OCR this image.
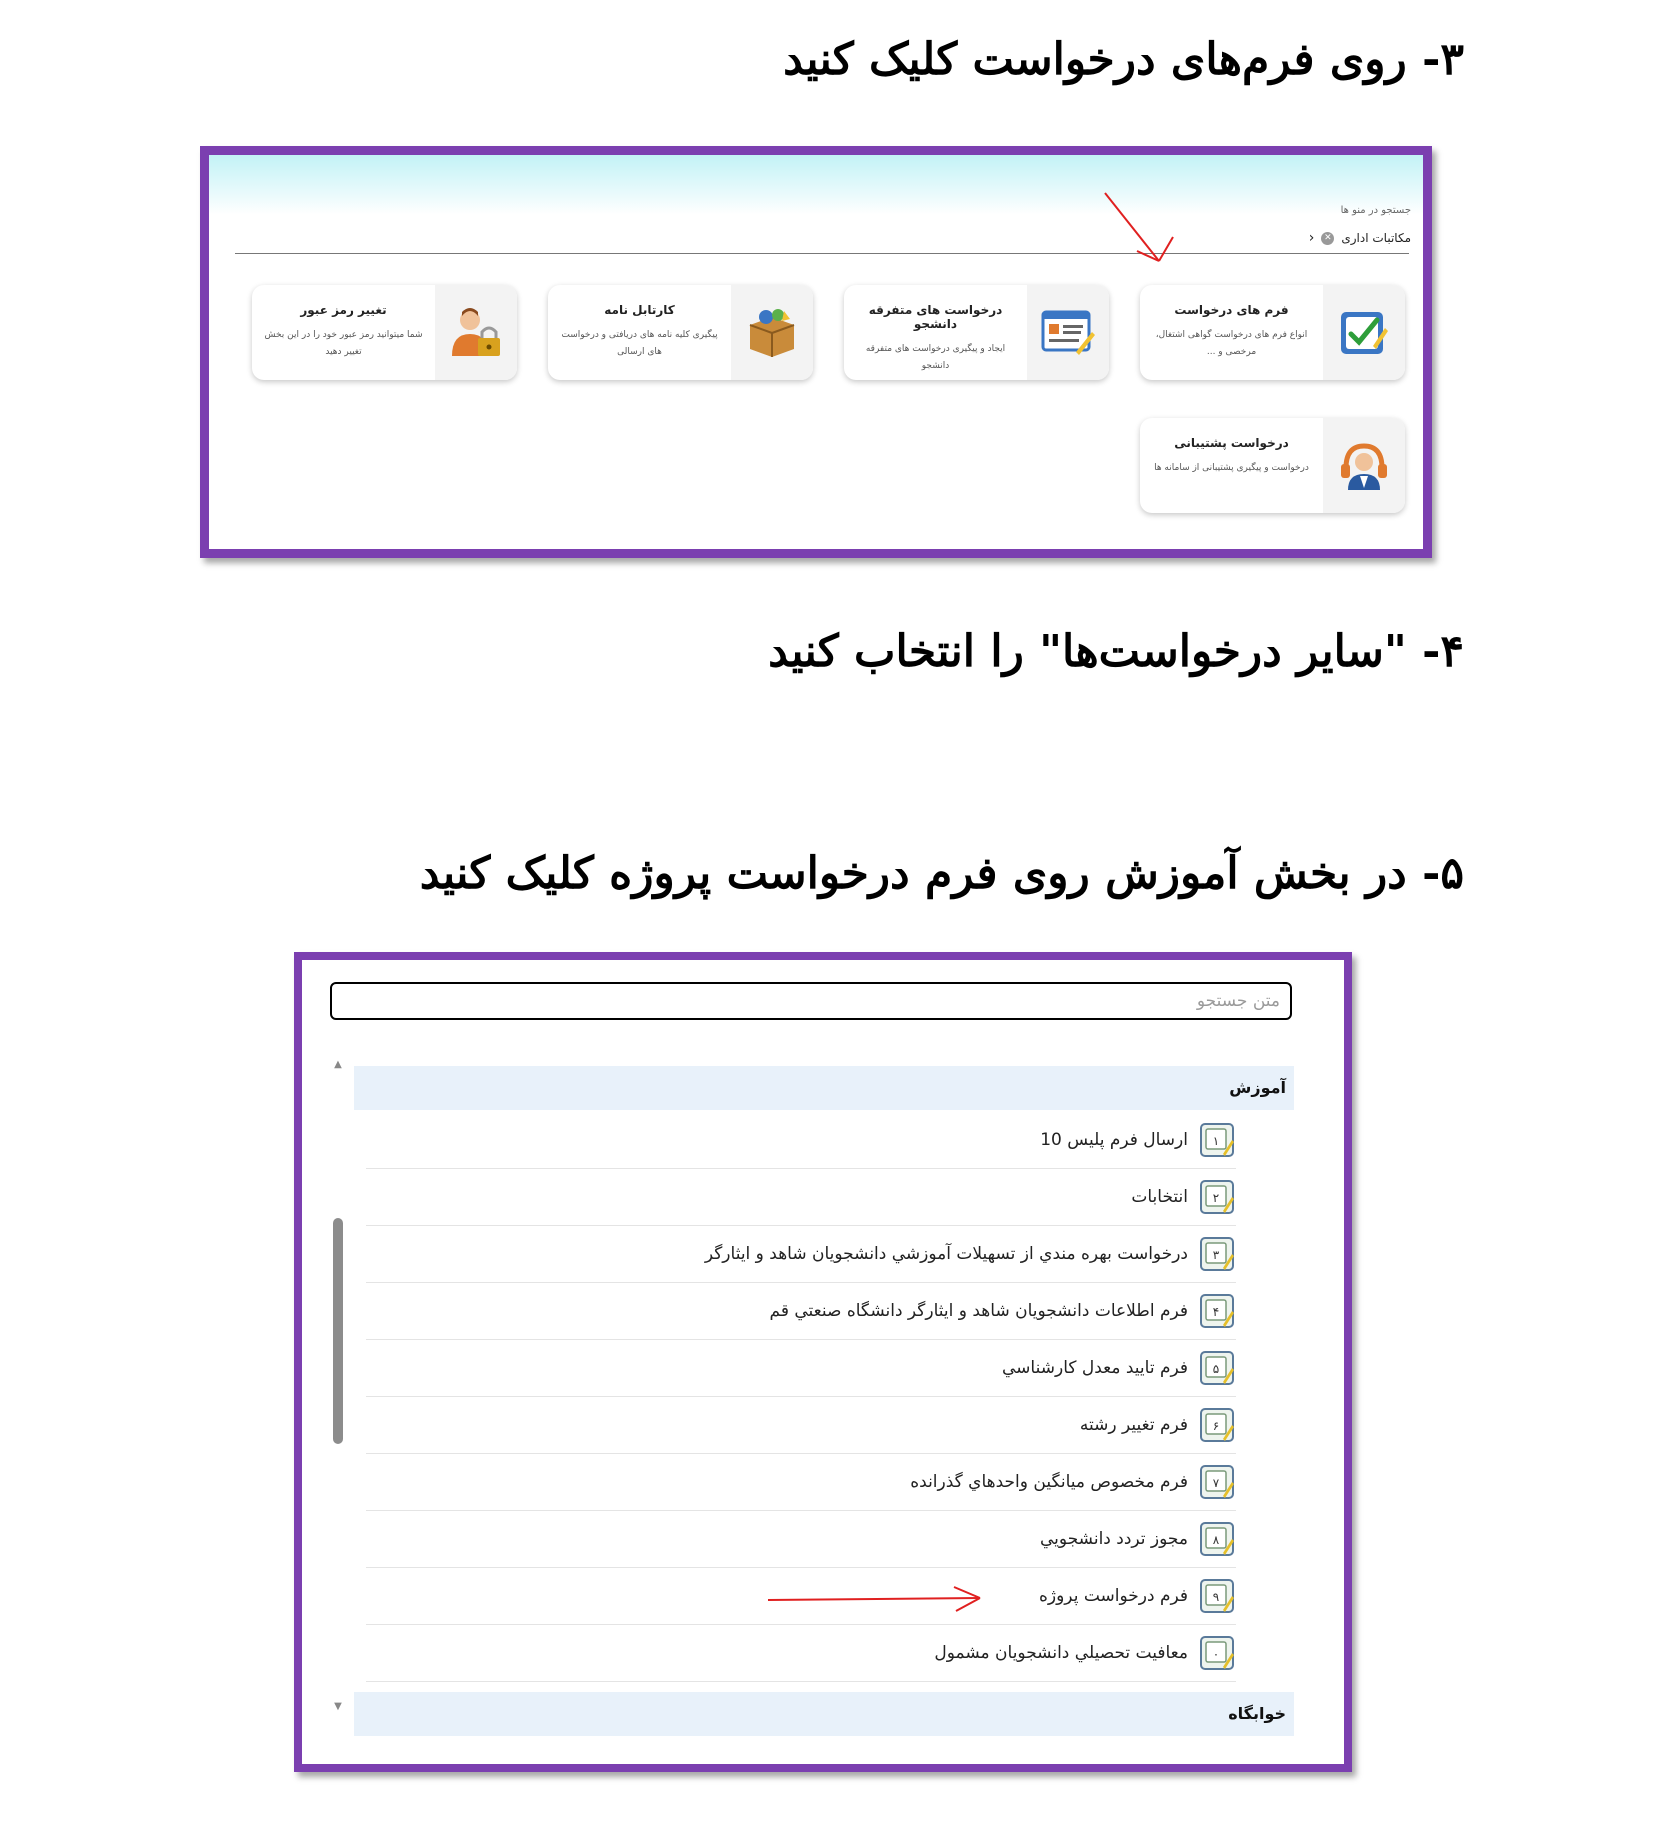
۳- روی فرم‌های درخواست کلیک کنید
۴- "سایر درخواست‌ها" را انتخاب کنید
۵- در بخش آموزش روی فرم درخواست پروژه کلیک کنید
جستجو در منو ها
مکاتبات اداری
✕
‹
فرم های درخواست
انواع فرم های درخواست گواهی اشتغال،
مرخصی و ...
درخواست های متفرقه دانشجو
ایجاد و پیگیری درخواست های متفرقه دانشجو

کارتابل نامه
پیگیری کلیه نامه های دریافتی و درخواست
های ارسالی
تغییر رمز عبور
شما میتوانید رمز عبور خود را در این بخش
تغییر دهید
درخواست پشتیبانی
درخواست و پیگیری پشتیبانی از سامانه ها

متن جستجو
▲
▼
آموزش
۱
ارسال فرم پلیس 10
۲
انتخابات
۳
درخواست بهره مندي از تسهيلات آموزشي دانشجويان شاهد و ايثارگر
۴
فرم اطلاعات دانشجويان شاهد و ايثارگر دانشگاه صنعتي قم
۵
فرم تاييد معدل كارشناسي
۶
فرم تغيير رشته
۷
فرم مخصوص ميانگين واحدهاي گذرانده
۸
مجوز تردد دانشجويي
۹
فرم درخواست پروژه
۰
معافيت تحصيلي دانشجويان مشمول
خوابگاه
